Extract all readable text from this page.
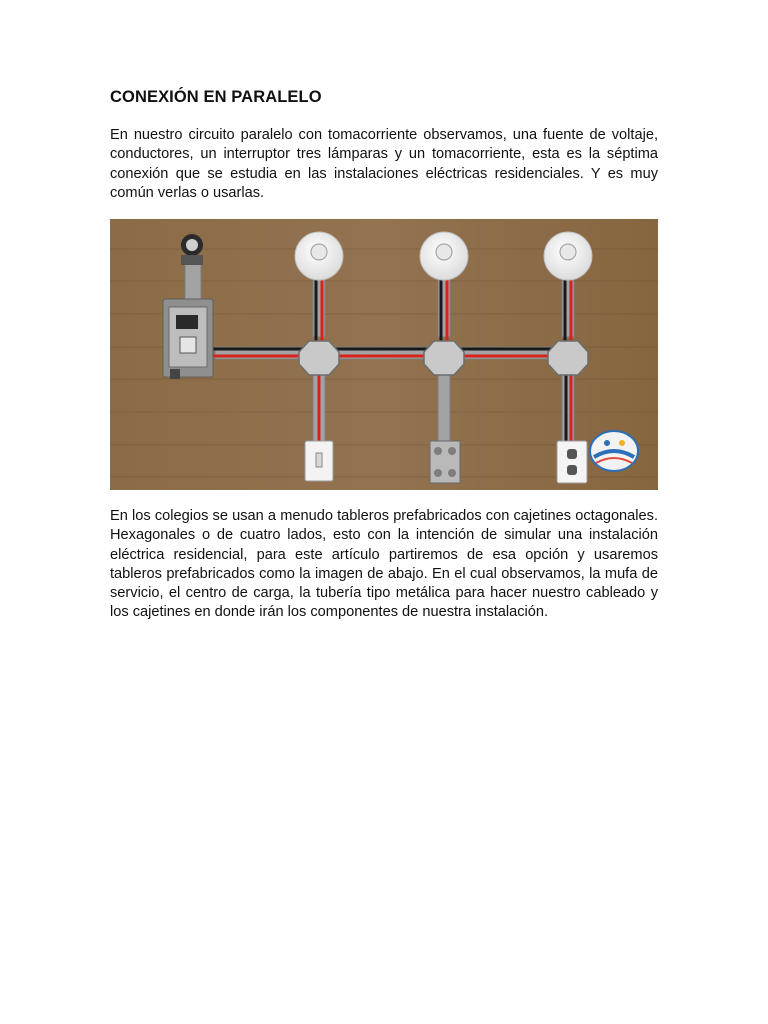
CONEXIÓN EN PARALELO

En nuestro circuito paralelo con tomacorriente observamos, una fuente de voltaje, conductores, un interruptor tres lámparas y un tomacorriente, esta es la séptima conexión que se estudia en las instalaciones eléctricas residenciales. Y es muy común verlas o usarlas.

En los colegios se usan a menudo tableros prefabricados con cajetines octagonales. Hexagonales o de cuatro lados, esto con la intención de simular una instalación eléctrica residencial, para este artículo partiremos de esa opción y usaremos tableros prefabricados como la imagen de abajo. En el cual observamos, la mufa de servicio, el centro de carga, la tubería tipo metálica para hacer nuestro cableado y los cajetines en donde irán los componentes de nuestra instalación.
